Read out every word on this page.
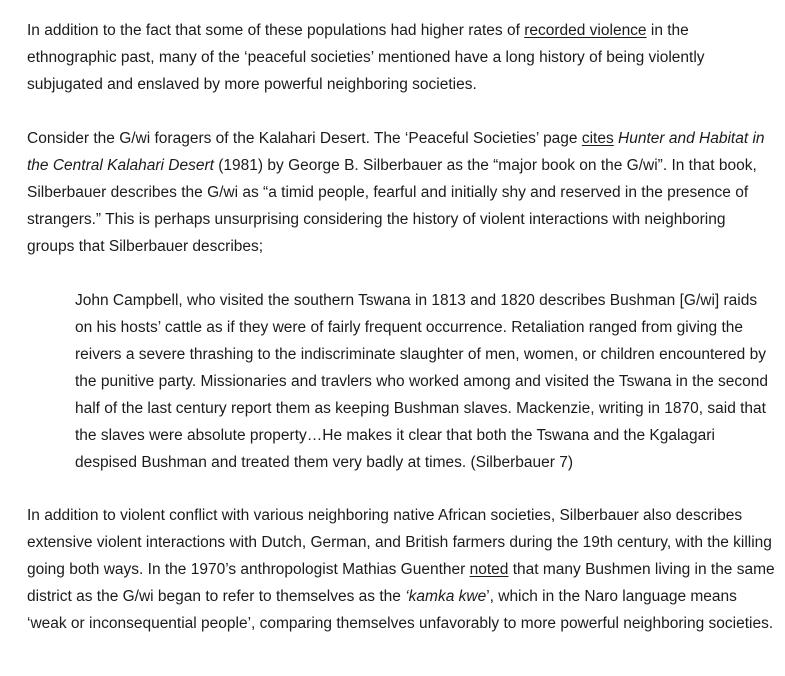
In addition to the fact that some of these populations had higher rates of recorded violence in the ethnographic past, many of the ‘peaceful societies’ mentioned have a long history of being violently subjugated and enslaved by more powerful neighboring societies.

Consider the G/wi foragers of the Kalahari Desert. The ‘Peaceful Societies’ page cites Hunter and Habitat in the Central Kalahari Desert (1981) by George B. Silberbauer as the “major book on the G/wi”. In that book, Silberbauer describes the G/wi as “a timid people, fearful and initially shy and reserved in the presence of strangers.” This is perhaps unsurprising considering the history of violent interactions with neighboring groups that Silberbauer describes;

John Campbell, who visited the southern Tswana in 1813 and 1820 describes Bushman [G/wi] raids on his hosts’ cattle as if they were of fairly frequent occurrence. Retaliation ranged from giving the reivers a severe thrashing to the indiscriminate slaughter of men, women, or children encountered by the punitive party. Missionaries and travlers who worked among and visited the Tswana in the second half of the last century report them as keeping Bushman slaves. Mackenzie, writing in 1870, said that the slaves were absolute property…He makes it clear that both the Tswana and the Kgalagari despised Bushman and treated them very badly at times. (Silberbauer 7)

In addition to violent conflict with various neighboring native African societies, Silberbauer also describes extensive violent interactions with Dutch, German, and British farmers during the 19th century, with the killing going both ways. In the 1970’s anthropologist Mathias Guenther noted that many Bushmen living in the same district as the G/wi began to refer to themselves as the ‘kamka kwe’, which in the Naro language means ‘weak or inconsequential people’, comparing themselves unfavorably to more powerful neighboring societies.
